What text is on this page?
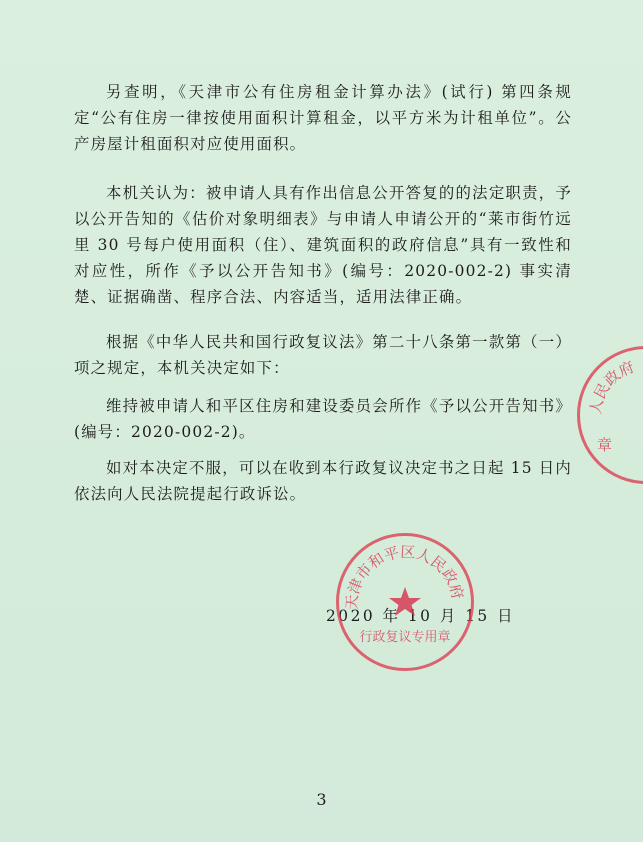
另查明，《天津市公有住房租金计算办法》(试行) 第四条规定“公有住房一律按使用面积计算租金，以平方米为计租单位”。公产房屋计租面积对应使用面积。

本机关认为：被申请人具有作出信息公开答复的的法定职责，予以公开告知的《估价对象明细表》与申请人申请公开的“莱市街竹远里 30 号每户使用面积（住）、建筑面积的政府信息”具有一致性和对应性，所作《予以公开告知书》(编号：2020-002-2) 事实清楚、证据确凿、程序合法、内容适当，适用法律正确。

根据《中华人民共和国行政复议法》第二十八条第一款第（一）项之规定，本机关决定如下：

维持被申请人和平区住房和建设委员会所作《予以公开告知书》(编号：2020-002-2)。

如对本决定不服，可以在收到本行政复议决定书之日起 15 日内依法向人民法院提起行政诉讼。

人民政府
章
2020 年 10 月 15 日
天津市和平区人民政府
行政复议专用章
3
